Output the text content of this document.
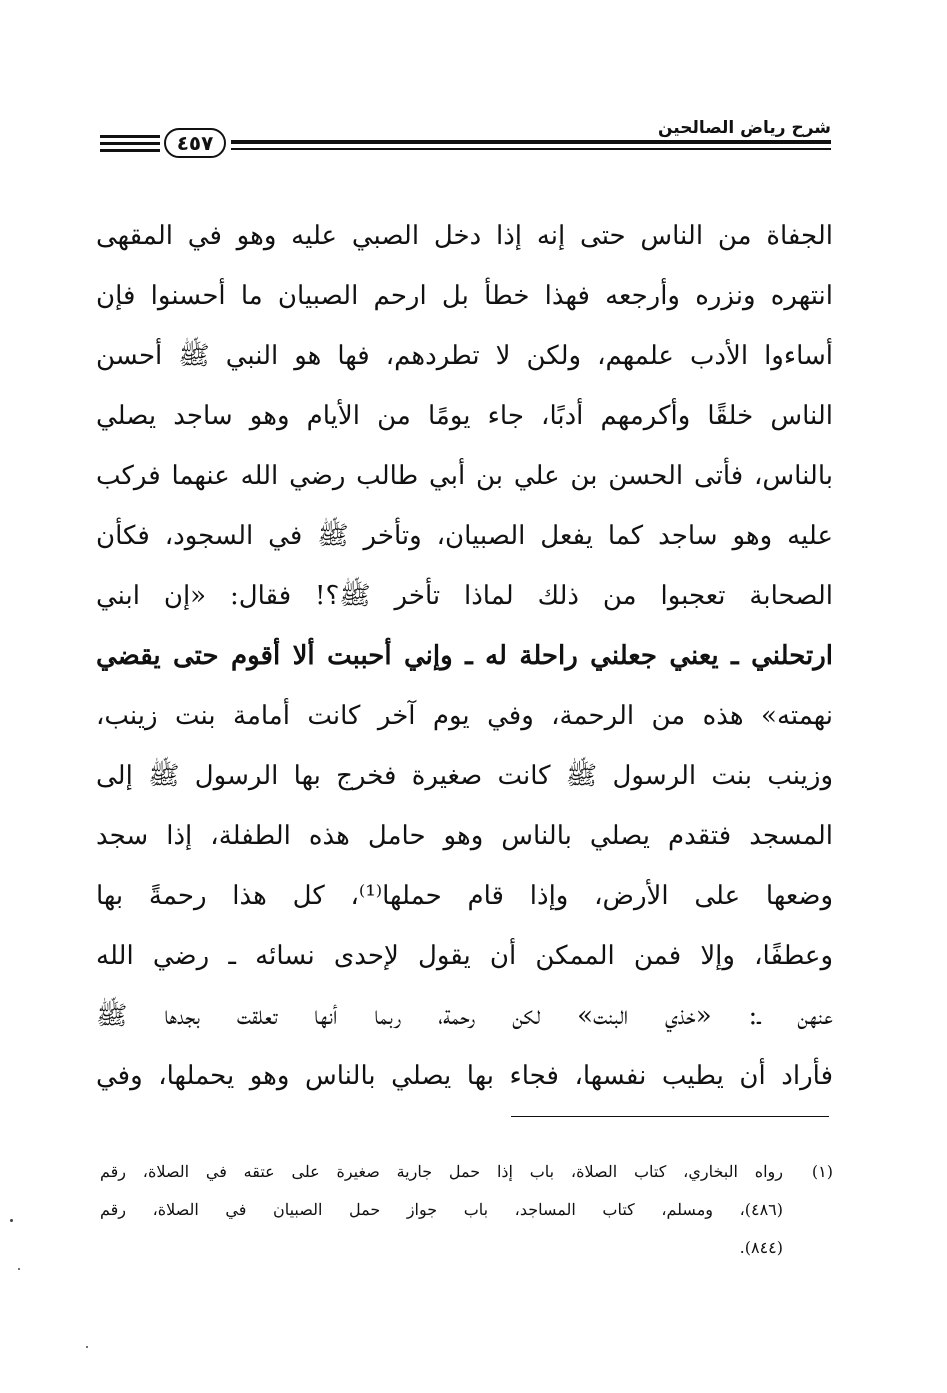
شرح رياض الصالحين
٤٥٧
الجفاة من الناس حتى إنه إذا دخل الصبي عليه وهو في المقهى
انتهره ونزره وأرجعه فهذا خطأ بل ارحم الصبيان ما أحسنوا فإن
أساءوا الأدب علمهم، ولكن لا تطردهم، فها هو النبي ﷺ أحسن
الناس خلقًا وأكرمهم أدبًا، جاء يومًا من الأيام وهو ساجد يصلي
بالناس، فأتى الحسن بن علي بن أبي طالب رضي الله عنهما فركب
عليه وهو ساجد كما يفعل الصبيان، وتأخر ﷺ في السجود، فكأن
الصحابة تعجبوا من ذلك لماذا تأخر ﷺ؟! فقال: «إن ابني
ارتحلني ـ يعني جعلني راحلة له ـ وإني أحببت ألا أقوم حتى يقضي
نهمته» هذه من الرحمة، وفي يوم آخر كانت أمامة بنت زينب،
وزينب بنت الرسول ﷺ كانت صغيرة فخرج بها الرسول ﷺ إلى
المسجد فتقدم يصلي بالناس وهو حامل هذه الطفلة، إذا سجد
وضعها على الأرض، وإذا قام حملها⁽¹⁾، كل هذا رحمةً بها
وعطفًا، وإلا فمن الممكن أن يقول لإحدى نسائه ـ رضي الله
عنهن ـ: «خذي البنت» لكن رحمة، ربما أنها تعلقت بجدها ﷺ
فأراد أن يطيب نفسها، فجاء بها يصلي بالناس وهو يحملها، وفي
(١)رواه البخاري، كتاب الصلاة، باب إذا حمل جارية صغيرة على عتقه في الصلاة، رقم
(٤٨٦)، ومسلم، كتاب المساجد، باب جواز حمل الصبيان في الصلاة، رقم
(٨٤٤).
